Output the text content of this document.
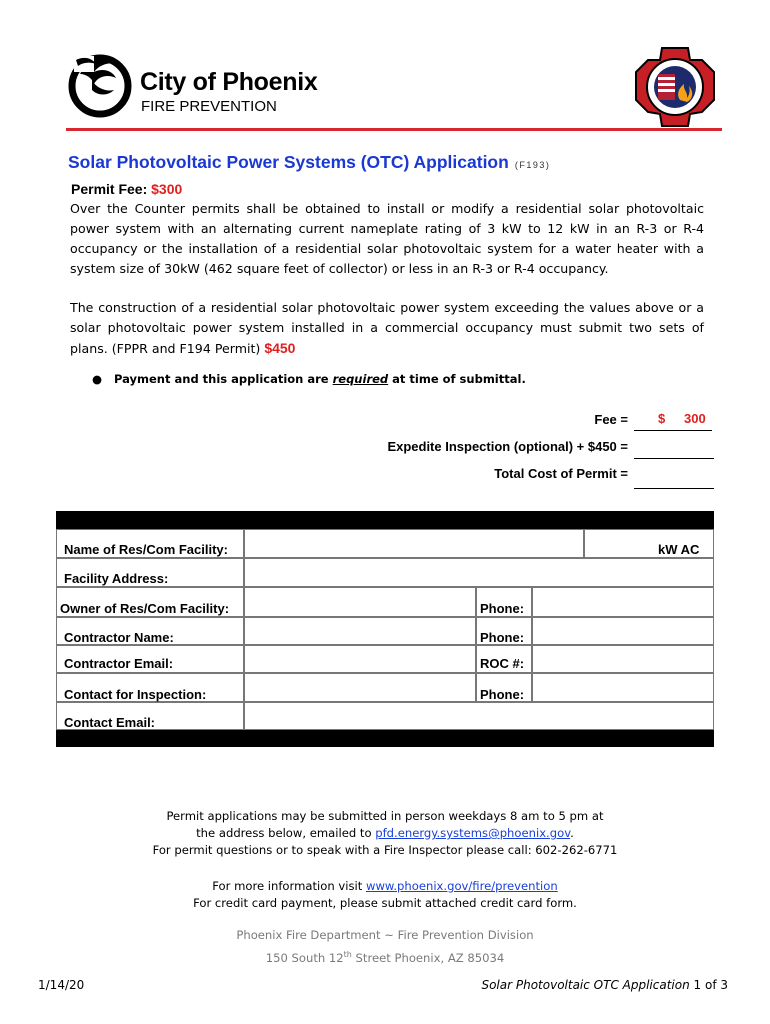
City of Phoenix
FIRE PREVENTION
Solar Photovoltaic Power Systems (OTC) Application (F193)
Permit Fee: $300
Over the Counter permits shall be obtained to install or modify a residential solar photovoltaic power system with an alternating current nameplate rating of 3 kW to 12 kW in an R-3 or R-4 occupancy or the installation of a residential solar photovoltaic system for a water heater with a system size of 30kW (462 square feet of collector) or less in an R-3 or R-4 occupancy.
The construction of a residential solar photovoltaic power system exceeding the values above or a solar photovoltaic power system installed in a commercial occupancy must submit two sets of plans. (FPPR and F194 Permit) $450
● Payment and this application are required at time of submittal.
Fee = $ 300
Expedite Inspection (optional) + $450 =
Total Cost of Permit =
Name of Res/Com Facility:	kW AC
Facility Address:
Owner of Res/Com Facility:	Phone:
Contractor Name:	Phone:
Contractor Email:	ROC #:
Contact for Inspection:	Phone:
Contact Email:
Permit applications may be submitted in person weekdays 8 am to 5 pm at
the address below, emailed to pfd.energy.systems@phoenix.gov.
For permit questions or to speak with a Fire Inspector please call: 602-262-6771
For more information visit www.phoenix.gov/fire/prevention
For credit card payment, please submit attached credit card form.
Phoenix Fire Department ~ Fire Prevention Division
150 South 12th Street Phoenix, AZ 85034
1/14/20	Solar Photovoltaic OTC Application 1 of 3
